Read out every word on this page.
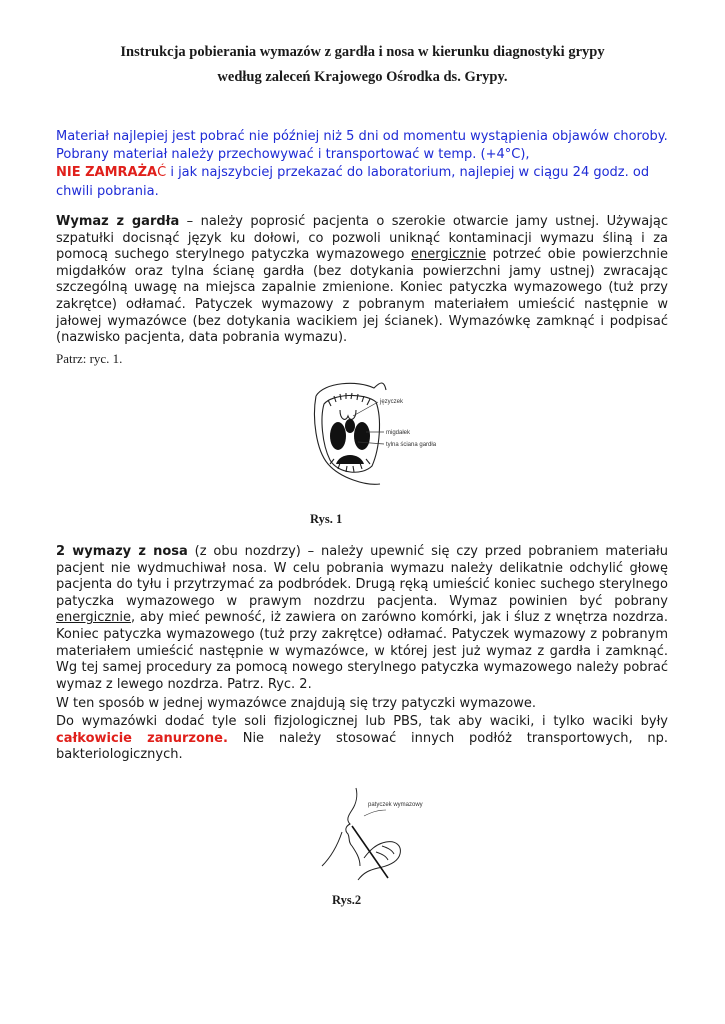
Instrukcja pobierania wymazów z gardła i nosa w kierunku diagnostyki grypy
według zaleceń Krajowego Ośrodka ds. Grypy.
Materiał najlepiej jest pobrać nie później niż 5 dni od momentu wystąpienia objawów choroby.
Pobrany materiał należy przechowywać i transportować w temp. (+4°C),
NIE ZAMRAŻAĆ i jak najszybciej przekazać do laboratorium, najlepiej w ciągu 24 godz. od chwili pobrania.
Wymaz z gardła – należy poprosić pacjenta o szerokie otwarcie jamy ustnej. Używając szpatułki docisnąć język ku dołowi, co pozwoli uniknąć kontaminacji wymazu śliną i za pomocą suchego sterylnego patyczka wymazowego energicznie potrzeć obie powierzchnie migdałków oraz tylna ścianę gardła (bez dotykania powierzchni jamy ustnej) zwracając szczególną uwagę na miejsca zapalnie zmienione. Koniec patyczka wymazowego (tuż przy zakrętce) odłamać. Patyczek wymazowy z pobranym materiałem umieścić następnie w jałowej wymazówce (bez dotykania wacikiem jej ścianek). Wymazówkę zamknąć i podpisać (nazwisko pacjenta, data pobrania wymazu).
Patrz: ryc. 1.
języczek
migdałek
tylna ściana gardła
Rys. 1
2 wymazy z nosa (z obu nozdrzy) – należy upewnić się czy przed pobraniem materiału pacjent nie wydmuchiwał nosa. W celu pobrania wymazu należy delikatnie odchylić głowę pacjenta do tyłu i przytrzymać za podbródek. Drugą ręką umieścić koniec suchego sterylnego patyczka wymazowego w prawym nozdrzu pacjenta. Wymaz powinien być pobrany energicznie, aby mieć pewność, iż zawiera on zarówno komórki, jak i śluz z wnętrza nozdrza. Koniec patyczka wymazowego (tuż przy zakrętce) odłamać. Patyczek wymazowy z pobranym materiałem umieścić następnie w wymazówce, w której jest już wymaz z gardła i zamknąć. Wg tej samej procedury za pomocą nowego sterylnego patyczka wymazowego należy pobrać wymaz z lewego nozdrza. Patrz. Ryc. 2.
W ten sposób w jednej wymazówce znajdują się trzy patyczki wymazowe.
Do wymazówki dodać tyle soli fizjologicznej lub PBS, tak aby waciki, i tylko waciki były całkowicie zanurzone. Nie należy stosować innych podłóż transportowych, np. bakteriologicznych.
patyczek wymazowy
Rys.2
